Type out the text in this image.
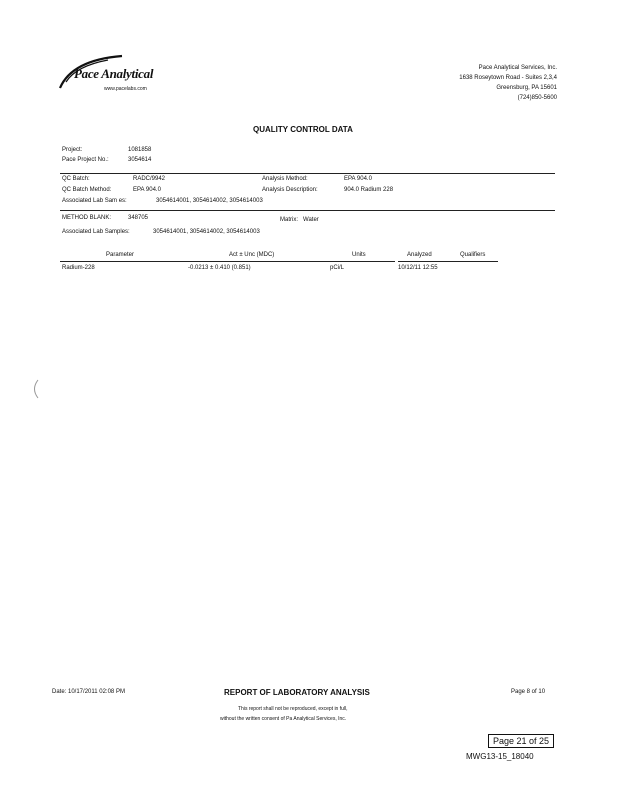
Pace Analytical
www.pacelabs.com
Pace Analytical Services, Inc.
1638 Roseytown Road - Suites 2,3,4
Greensburg, PA 15601
(724)850-5600
QUALITY CONTROL DATA
Project:	1081858
Pace Project No.:	3054614
QC Batch:	RADC/9942	Analysis Method:	EPA 904.0
QC Batch Method:	EPA 904.0	Analysis Description:	904.0 Radium 228
Associated Lab Sam es:	3054614001, 3054614002, 3054614003
METHOD BLANK:	348705	Matrix: Water
Associated Lab Samples:	3054614001, 3054614002, 3054614003
Parameter	Act ± Unc (MDC)	Units	Analyzed	Qualifiers
Radium-228	-0.0213 ± 0.410 (0.851)	pCi/L	10/12/11 12:55
Date: 10/17/2011 02:08 PM	REPORT OF LABORATORY ANALYSIS	Page 8 of 10
This report shall not be reproduced, except in full,
without the written consent of Pa Analytical Services, Inc.
Page 21 of 25
MWG13-15_18040
